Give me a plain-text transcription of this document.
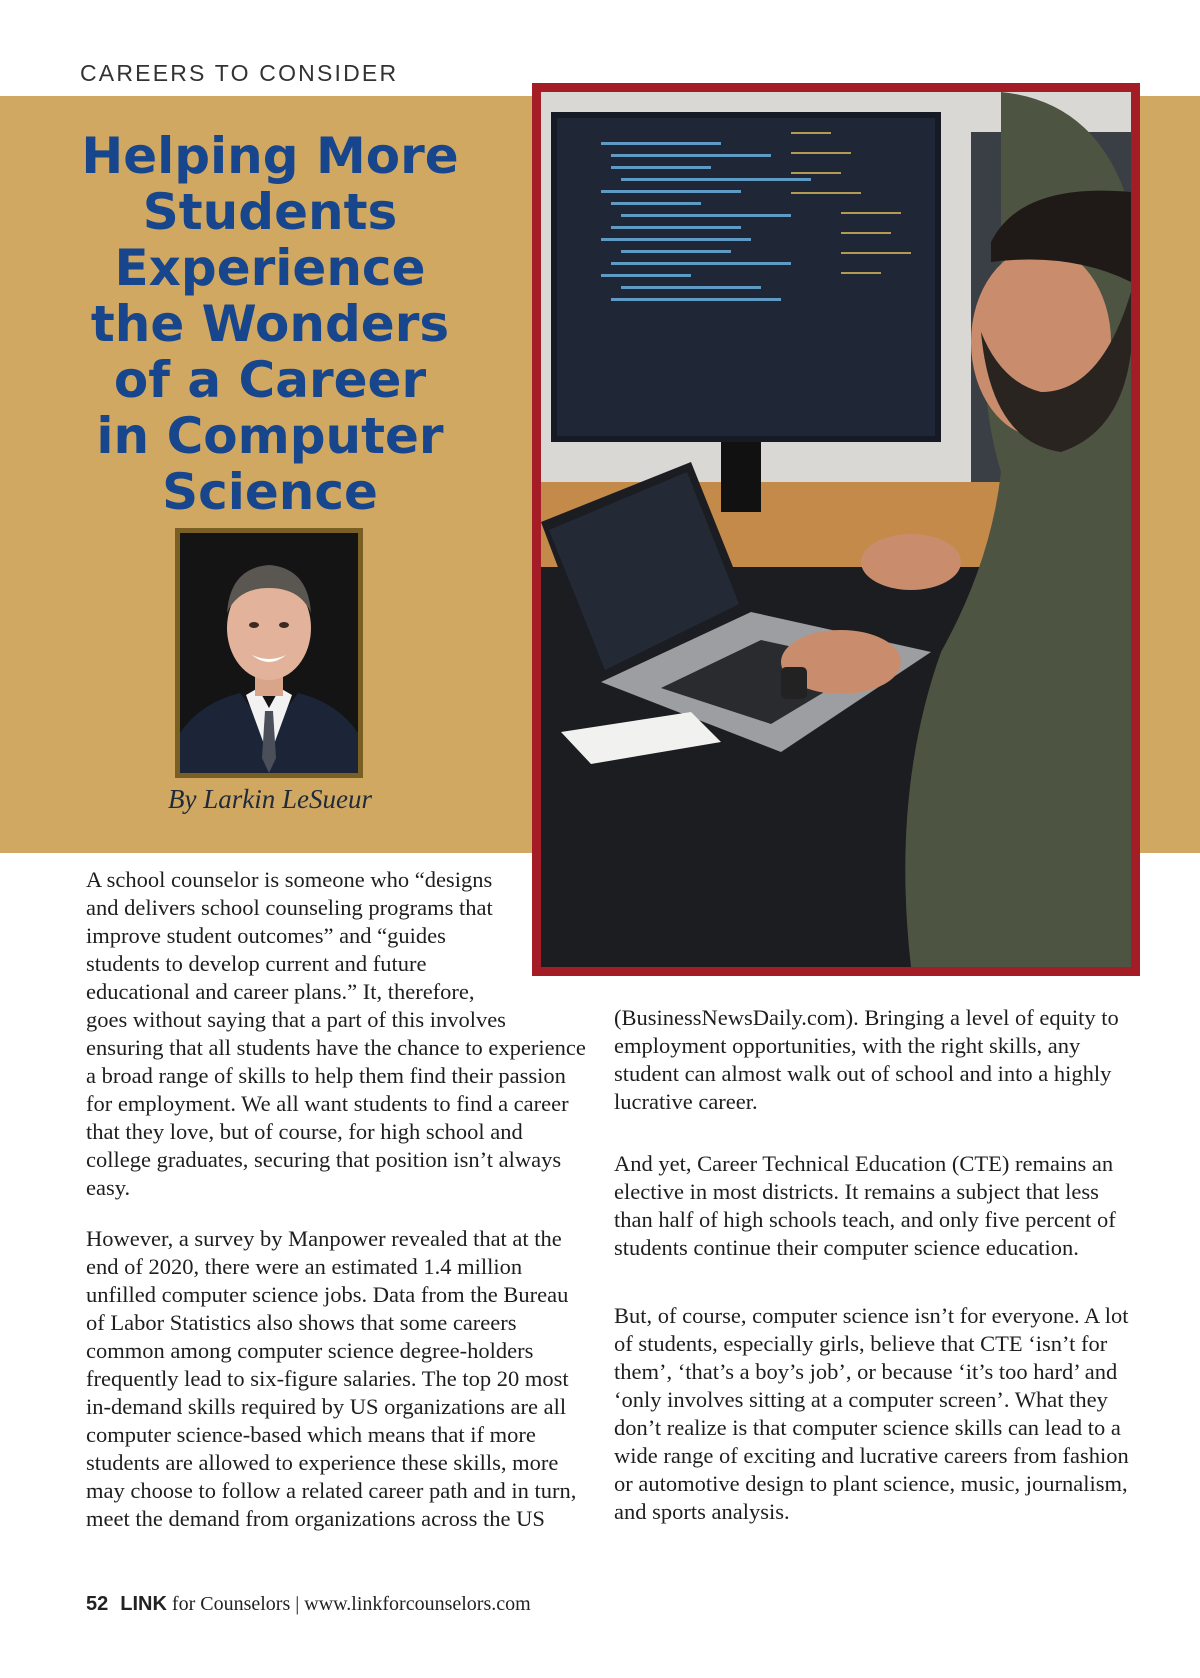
CAREERS TO CONSIDER
Helping More
Students
Experience
the Wonders
of a Career
in Computer
Science
By Larkin LeSueur

A school counselor is someone who “designs and delivers school counseling programs that improve student outcomes” and “guides students to develop current and future educational and career plans.” It, therefore,

goes without saying that a part of this involves ensuring that all students have the chance to experience a broad range of skills to help them find their passion for employment. We all want students to find a career that they love, but of course, for high school and college graduates, securing that position isn’t always easy.

However, a survey by Manpower revealed that at the end of 2020, there were an estimated 1.4 million unfilled computer science jobs. Data from the Bureau of Labor Statistics also shows that some careers common among computer science degree-holders frequently lead to six-figure salaries. The top 20 most in-demand skills required by US organizations are all computer science-based which means that if more students are allowed to experience these skills, more may choose to follow a related career path and in turn, meet the demand from organizations across the US

(BusinessNewsDaily.com). Bringing a level of equity to employment opportunities, with the right skills, any student can almost walk out of school and into a highly lucrative career.

And yet, Career Technical Education (CTE) remains an elective in most districts. It remains a subject that less than half of high schools teach, and only five percent of students continue their computer science education.

But, of course, computer science isn’t for everyone. A lot of students, especially girls, believe that CTE ‘isn’t for them’, ‘that’s a boy’s job’, or because ‘it’s too hard’ and ‘only involves sitting at a computer screen’. What they don’t realize is that computer science skills can lead to a wide range of exciting and lucrative careers from fashion or automotive design to plant science, music, journalism, and sports analysis.

52 LINK for Counselors | www.linkforcounselors.com
